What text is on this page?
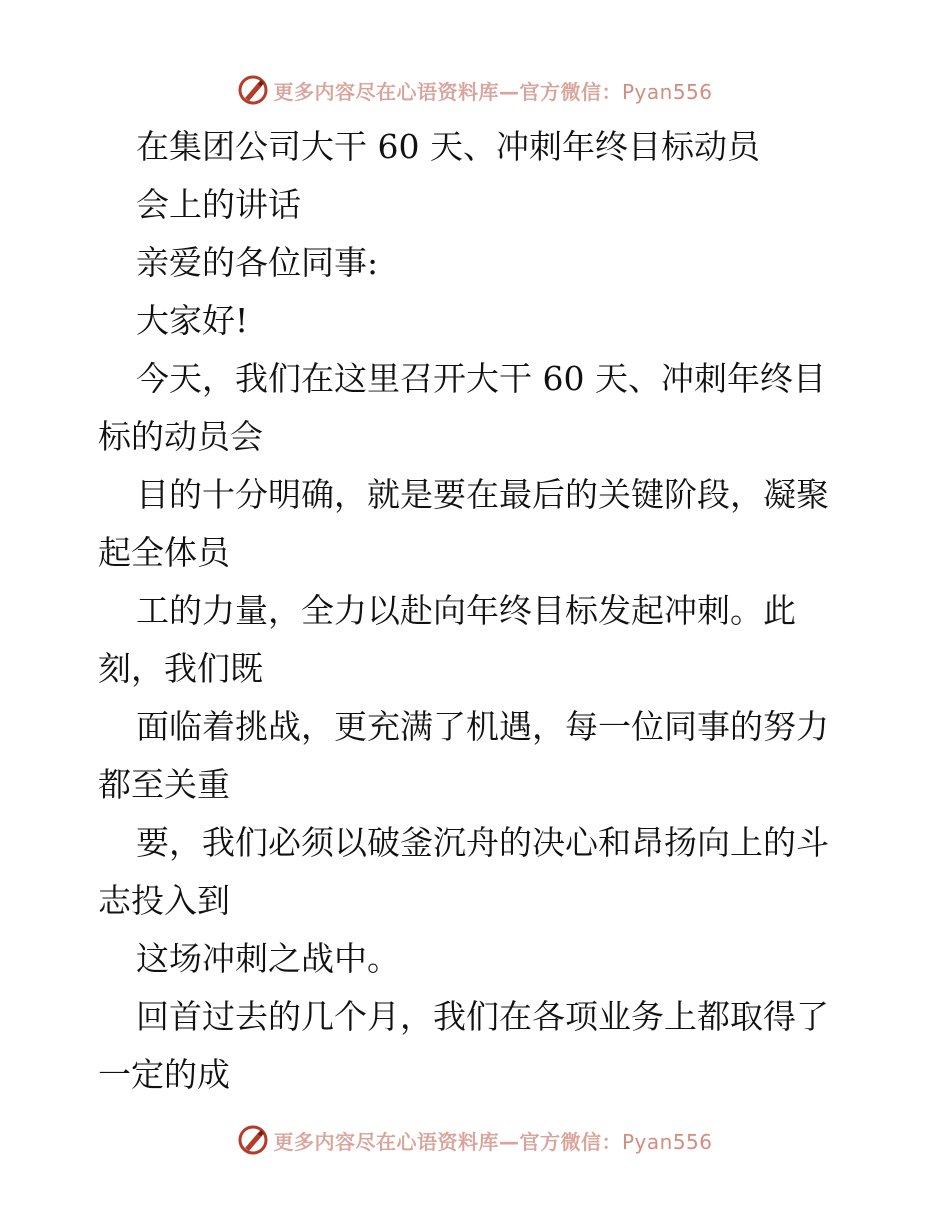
更多内容尽在心语资料库—官方微信：Pyan556
在集团公司大干 60 天、冲刺年终目标动员
会上的讲话
亲爱的各位同事:
大家好!
今天，我们在这里召开大干 60 天、冲刺年终目
标的动员会
目的十分明确，就是要在最后的关键阶段，凝聚
起全体员
工的力量，全力以赴向年终目标发起冲刺。此
刻，我们既
面临着挑战，更充满了机遇，每一位同事的努力
都至关重
要，我们必须以破釜沉舟的决心和昂扬向上的斗
志投入到
这场冲刺之战中。
回首过去的几个月，我们在各项业务上都取得了
一定的成
更多内容尽在心语资料库—官方微信：Pyan556
